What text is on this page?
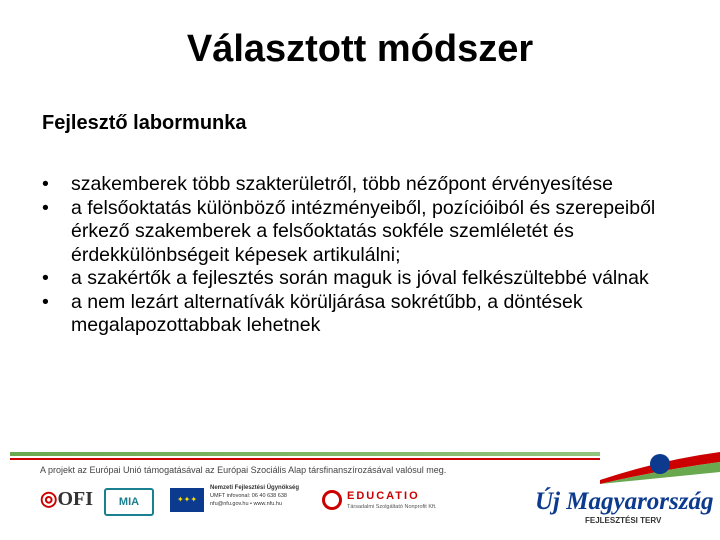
Választott módszer

Fejlesztő labormunka

• szakemberek több szakterületről, több nézőpont érvényesítése
• a felsőoktatás különböző intézményeiből, pozícióiból és szerepeiből érkező szakemberek a felsőoktatás sokféle szemléletét és érdekkülönbségeit képesek artikulálni;
• a szakértők a fejlesztés során maguk is jóval felkészültebbé válnak
• a nem lezárt alternatívák körüljárása sokrétűbb, a döntések megalapozottabbak lehetnek
A projekt az Európai Unió támogatásával az Európai Szociális Alap társfinanszírozásával valósul meg.
◎OFI	MIA	✦✦✦
Nemzeti Fejlesztési Ügynökség
UMFT infovonal: 06 40 638 638
nfu@nfu.gov.hu • www.nfu.hu
EDUCATIO
Társadalmi Szolgáltató Nonprofit Kft.	Új Magyarország
FEJLESZTÉSI TERV
